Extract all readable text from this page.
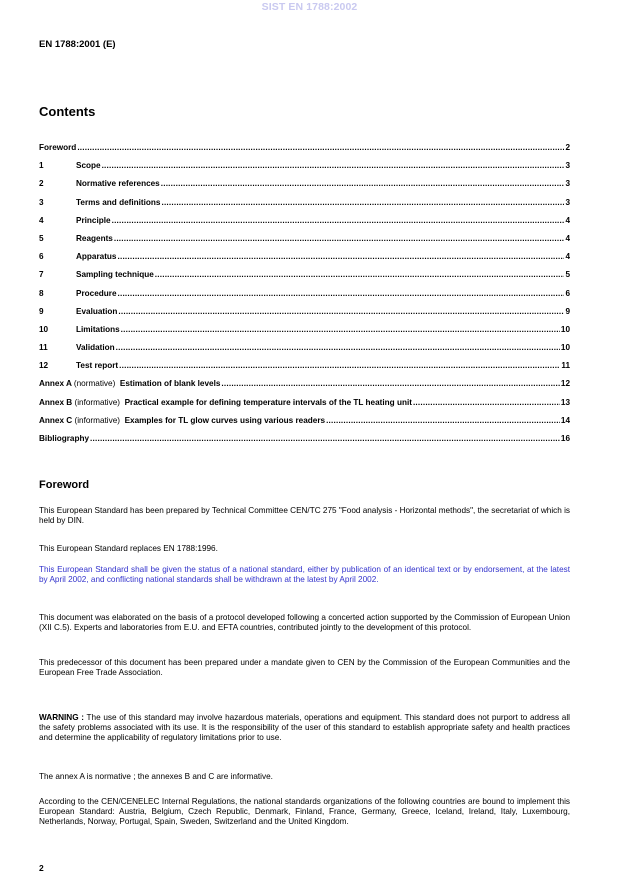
SIST EN 1788:2002
EN 1788:2001 (E)
Contents
Foreword .....	2
1	Scope .....	3
2	Normative references .....	3
3	Terms and definitions .....	3
4	Principle .....	4
5	Reagents .....	4
6	Apparatus .....	4
7	Sampling technique .....	5
8	Procedure .....	6
9	Evaluation .....	9
10	Limitations .....	10
11	Validation .....	10
12	Test report .....	11
Annex A (normative) Estimation of blank levels .....	12
Annex B (informative) Practical example for defining temperature intervals of the TL heating unit .....	13
Annex C (informative) Examples for TL glow curves using various readers .....	14
Bibliography .....	16
Foreword
This European Standard has been prepared by Technical Committee CEN/TC 275 "Food analysis - Horizontal methods", the secretariat of which is held by DIN.
This European Standard replaces EN 1788:1996.
This European Standard shall be given the status of a national standard, either by publication of an identical text or by endorsement, at the latest by April 2002, and conflicting national standards shall be withdrawn at the latest by April 2002.
This document was elaborated on the basis of a protocol developed following a concerted action supported by the Commission of European Union (XII C.5). Experts and laboratories from E.U. and EFTA countries, contributed jointly to the development of this protocol.
This predecessor of this document has been prepared under a mandate given to CEN by the Commission of the European Communities and the European Free Trade Association.
WARNING : The use of this standard may involve hazardous materials, operations and equipment. This standard does not purport to address all the safety problems associated with its use. It is the responsibility of the user of this standard to establish appropriate safety and health practices and determine the applicability of regulatory limitations prior to use.
The annex A is normative ; the annexes B and C are informative.
According to the CEN/CENELEC Internal Regulations, the national standards organizations of the following countries are bound to implement this European Standard: Austria, Belgium, Czech Republic, Denmark, Finland, France, Germany, Greece, Iceland, Ireland, Italy, Luxembourg, Netherlands, Norway, Portugal, Spain, Sweden, Switzerland and the United Kingdom.
2
